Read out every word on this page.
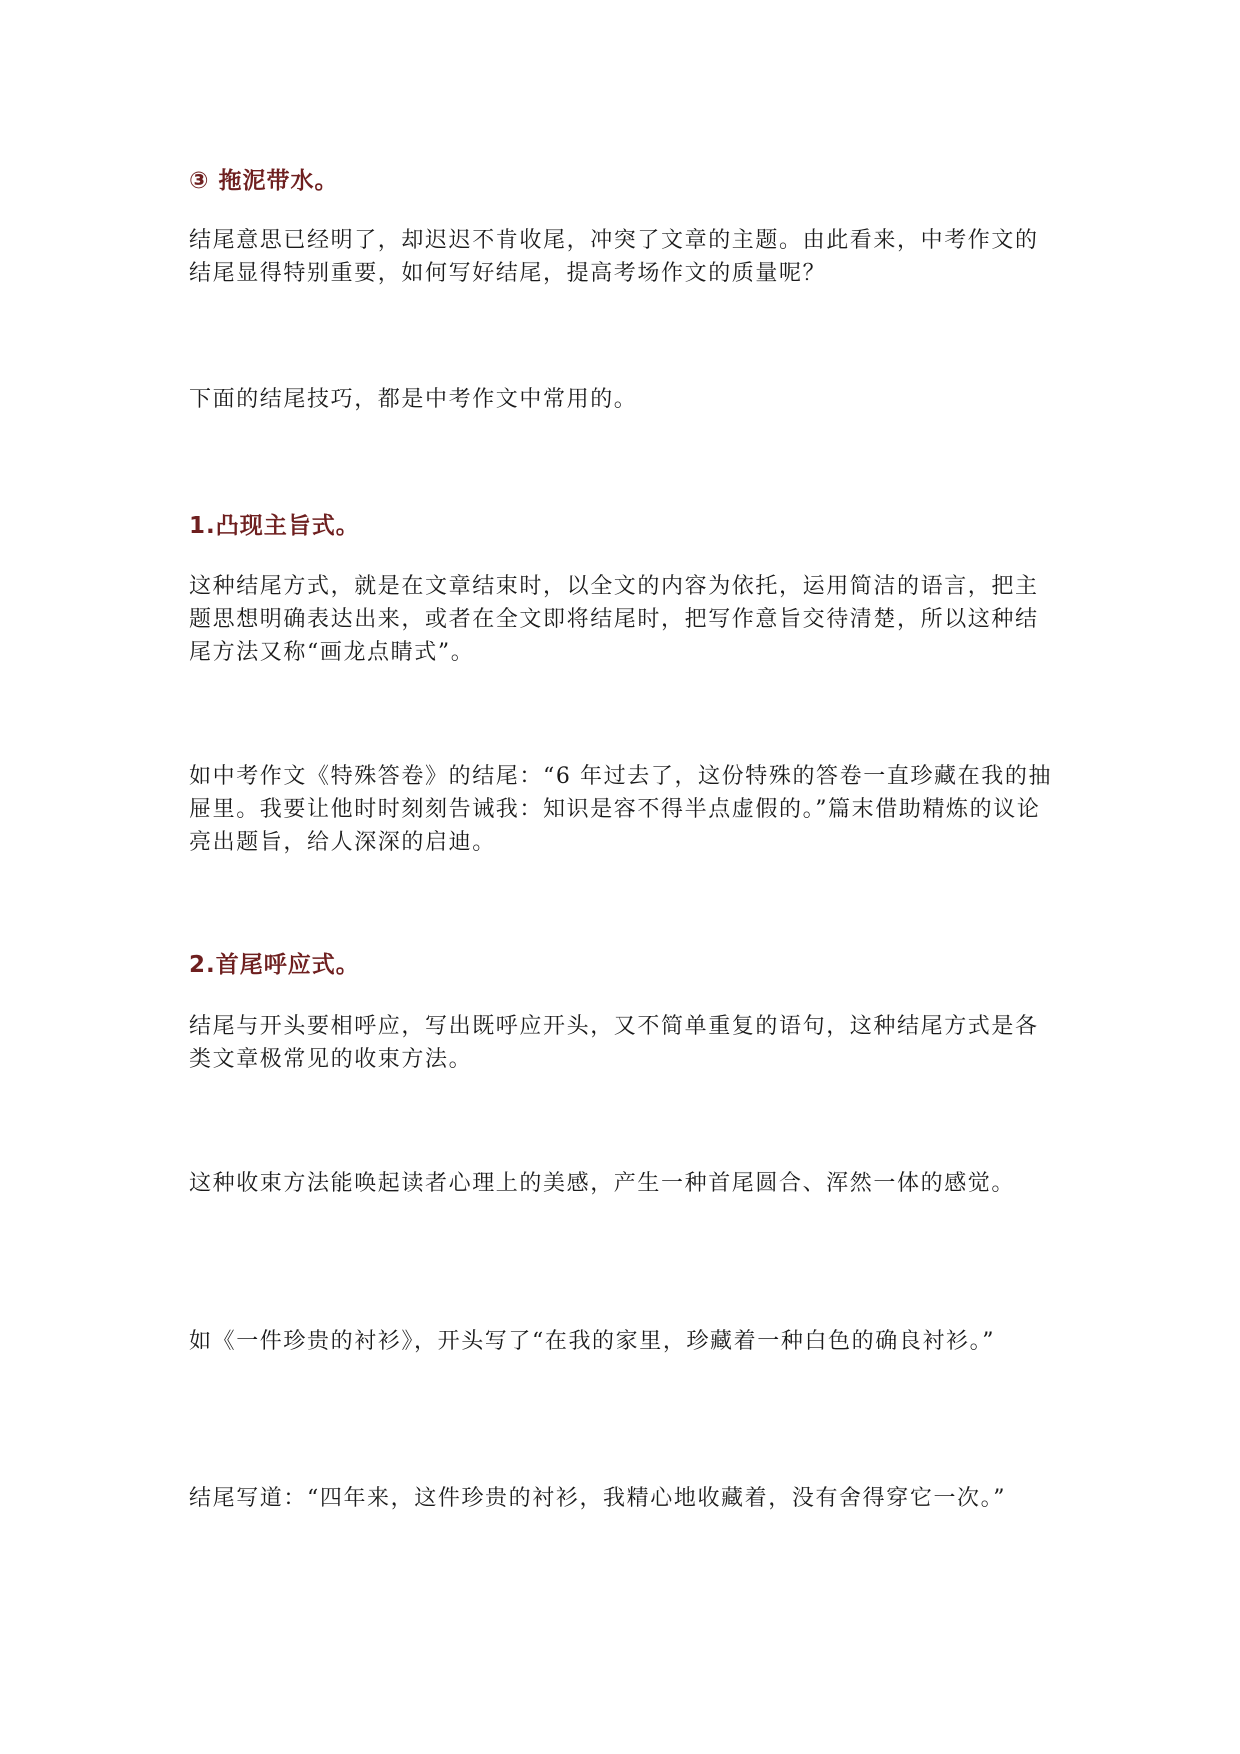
③ 拖泥带水。

结尾意思已经明了，却迟迟不肯收尾，冲突了文章的主题。由此看来，中考作文的结尾显得特别重要，如何写好结尾，提高考场作文的质量呢？

下面的结尾技巧，都是中考作文中常用的。

1.凸现主旨式。

这种结尾方式，就是在文章结束时，以全文的内容为依托，运用简洁的语言，把主题思想明确表达出来，或者在全文即将结尾时，把写作意旨交待清楚，所以这种结尾方法又称“画龙点睛式”。

如中考作文《特殊答卷》的结尾：“6 年过去了，这份特殊的答卷一直珍藏在我的抽屉里。我要让他时时刻刻告诫我：知识是容不得半点虚假的。”篇末借助精炼的议论亮出题旨，给人深深的启迪。

2.首尾呼应式。

结尾与开头要相呼应，写出既呼应开头，又不简单重复的语句，这种结尾方式是各类文章极常见的收束方法。

这种收束方法能唤起读者心理上的美感，产生一种首尾圆合、浑然一体的感觉。

如《一件珍贵的衬衫》，开头写了“在我的家里，珍藏着一种白色的确良衬衫。”

结尾写道：“四年来，这件珍贵的衬衫，我精心地收藏着，没有舍得穿它一次。”
